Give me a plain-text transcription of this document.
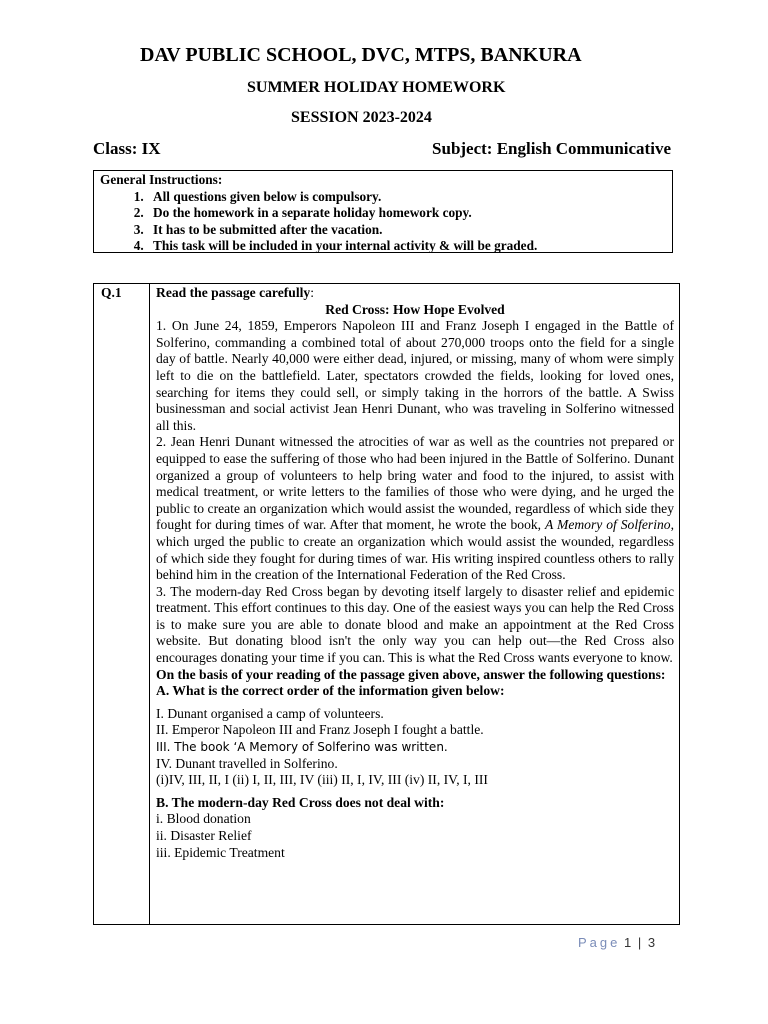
DAV PUBLIC SCHOOL, DVC, MTPS, BANKURA
SUMMER HOLIDAY HOMEWORK
SESSION 2023-2024
Class: IX	Subject: English Communicative
General Instructions:
1. All questions given below is compulsory.
2. Do the homework in a separate holiday homework copy.
3. It has to be submitted after the vacation.
4. This task will be included in your internal activity & will be graded.
Q.1	Read the passage carefully:

Red Cross: How Hope Evolved

1. On June 24, 1859, Emperors Napoleon III and Franz Joseph I engaged in the Battle of Solferino, commanding a combined total of about 270,000 troops onto the field for a single day of battle. Nearly 40,000 were either dead, injured, or missing, many of whom were simply left to die on the battlefield. Later, spectators crowded the fields, looking for loved ones, searching for items they could sell, or simply taking in the horrors of the battle. A Swiss businessman and social activist Jean Henri Dunant, who was traveling in Solferino witnessed all this.

2. Jean Henri Dunant witnessed the atrocities of war as well as the countries not prepared or equipped to ease the suffering of those who had been injured in the Battle of Solferino. Dunant organized a group of volunteers to help bring water and food to the injured, to assist with medical treatment, or write letters to the families of those who were dying, and he urged the public to create an organization which would assist the wounded, regardless of which side they fought for during times of war. After that moment, he wrote the book, A Memory of Solferino, which urged the public to create an organization which would assist the wounded, regardless of which side they fought for during times of war. His writing inspired countless others to rally behind him in the creation of the International Federation of the Red Cross.

3. The modern-day Red Cross began by devoting itself largely to disaster relief and epidemic treatment. This effort continues to this day. One of the easiest ways you can help the Red Cross is to make sure you are able to donate blood and make an appointment at the Red Cross website. But donating blood isn't the only way you can help out—the Red Cross also encourages donating your time if you can. This is what the Red Cross wants everyone to know.

On the basis of your reading of the passage given above, answer the following questions:

A. What is the correct order of the information given below:

I. Dunant organised a camp of volunteers.

II. Emperor Napoleon III and Franz Joseph I fought a battle.

III. The book ‘A Memory of Solferino was written.

IV. Dunant travelled in Solferino.

(i)IV, III, II, I (ii) I, II, III, IV (iii) II, I, IV, III (iv) II, IV, I, III

B. The modern-day Red Cross does not deal with:

i. Blood donation

ii. Disaster Relief

iii. Epidemic Treatment

Page 1 | 3
